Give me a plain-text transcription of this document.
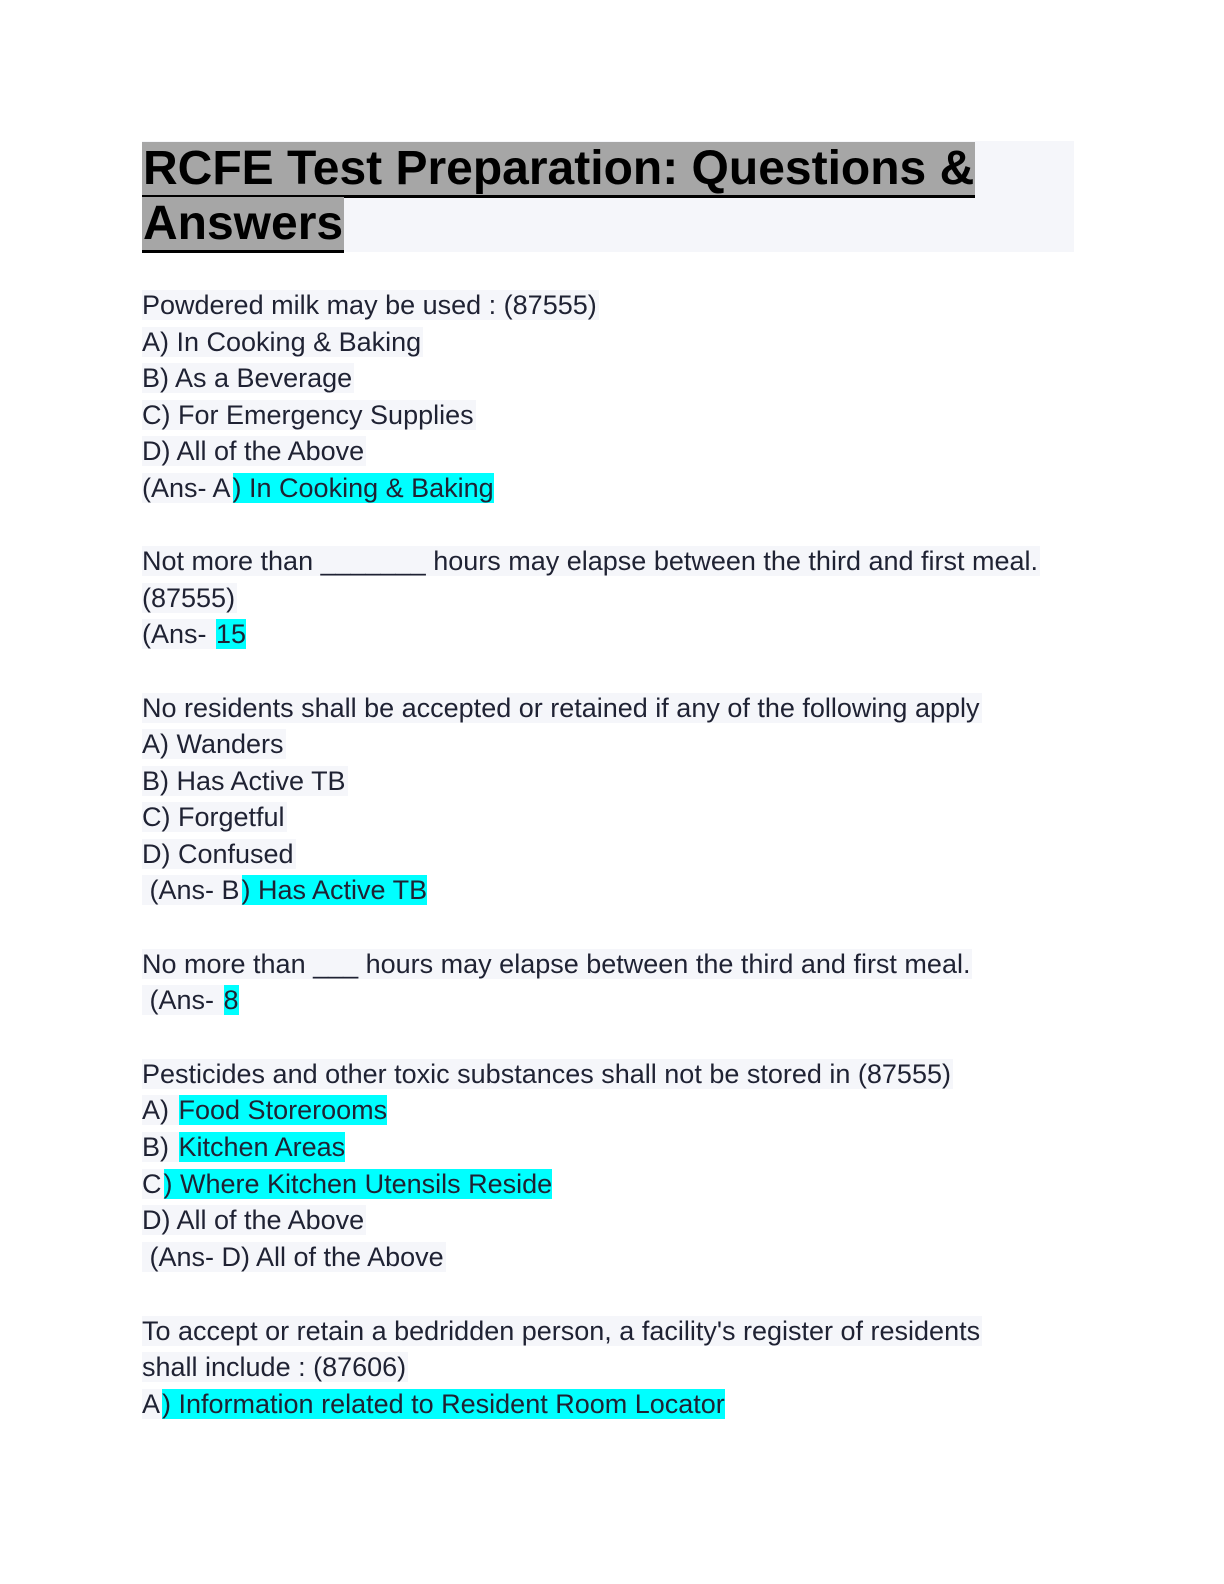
RCFE Test Preparation: Questions &
Answers
Powdered milk may be used : (87555)
A) In Cooking & Baking
B) As a Beverage
C) For Emergency Supplies
D) All of the Above
(Ans- A) In Cooking & Baking
Not more than _______ hours may elapse between the third and first meal.
(87555)
(Ans- 15
No residents shall be accepted or retained if any of the following apply
A) Wanders
B) Has Active TB
C) Forgetful
D) Confused
(Ans- B) Has Active TB
No more than ___ hours may elapse between the third and first meal.
(Ans- 8
Pesticides and other toxic substances shall not be stored in (87555)
A) Food Storerooms
B) Kitchen Areas
C) Where Kitchen Utensils Reside
D) All of the Above
(Ans- D) All of the Above
To accept or retain a bedridden person, a facility's register of residents
shall include : (87606)
A) Information related to Resident Room Locator
